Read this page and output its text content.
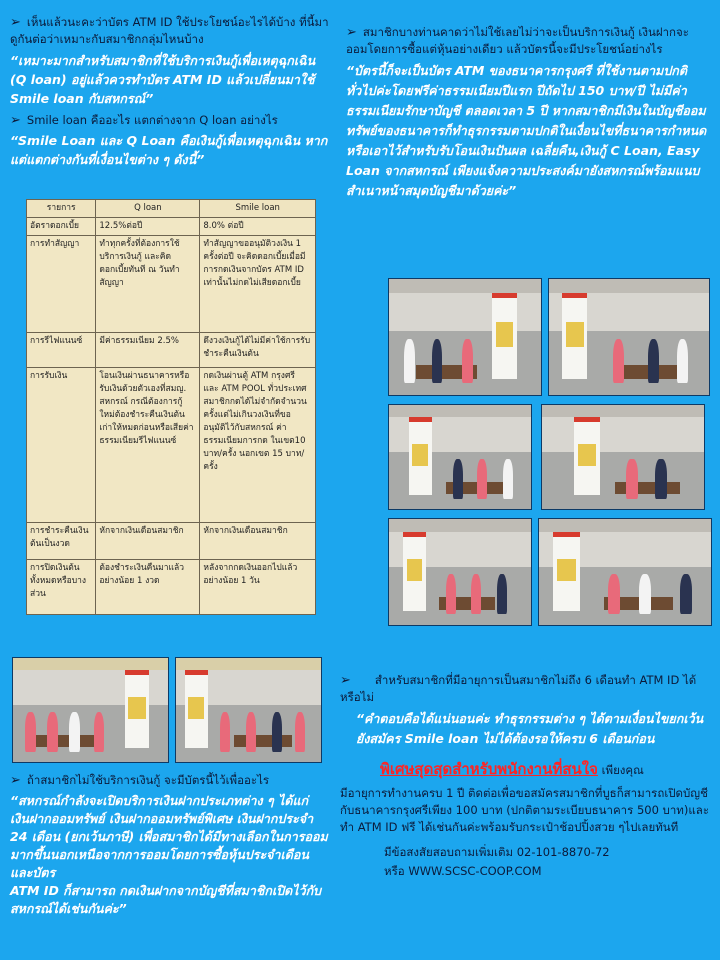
➢ เห็นแล้วนะคะว่าบัตร ATM ID ใช้ประโยชน์อะไรได้บ้าง ที่นี้มาดูกันต่อว่าเหมาะกับสมาชิกกลุ่มไหนบ้าง
“เหมาะมากสำหรับสมาชิกที่ใช้บริการเงินกู้เพื่อเหตุฉุกเฉิน (Q loan) อยู่แล้วควรทำบัตร ATM ID แล้วเปลี่ยนมาใช้ Smile loan กับสหกรณ์”
➢ Smile loan คืออะไร แตกต่างจาก Q loan อย่างไร
“Smile Loan และ Q Loan คือเงินกู้เพื่อเหตุฉุกเฉิน หากแต่แตกต่างกันที่เงื่อนไขต่าง ๆ ดังนี้”
รายการ	Q loan	Smile loan
อัตราดอกเบี้ย	12.5%ต่อปี	8.0% ต่อปี
การทำสัญญา	ทำทุกครั้งที่ต้องการใช้บริการเงินกู้ และคิดดอกเบี้ยทันที ณ วันทำสัญญา	ทำสัญญาขออนุมัติวงเงิน 1 ครั้งต่อปี จะคิดดอกเบี้ยเมื่อมีการกดเงินจากบัตร ATM ID เท่านั้นไม่กดไม่เสียดอกเบี้ย
การรีไฟแนนซ์	มีค่าธรรมเนียม 2.5%	ดึงวงเงินกู้ได้ไม่มีค่าใช้การรับชำระคืนเงินต้น
การรับเงิน	โอนเงินผ่านธนาคารหรือรับเงินด้วยตัวเองที่สมญ. สหกรณ์ กรณีต้องการกู้ใหม่ต้องชำระคืนเงินต้นเก่าให้หมดก่อนหรือเสียค่าธรรมเนียมรีไฟแนนซ์	กดเงินผ่านตู้ ATM กรุงศรี และ ATM POOL ทั่วประเทศ สมาชิกกดได้ไม่จำกัดจำนวนครั้งแต่ไม่เกินวงเงินที่ขออนุมัติไว้กับสหกรณ์ ค่าธรรมเนียมการกด ในเขต10 บาท/ครั้ง นอกเขต 15 บาท/ครั้ง
การชำระคืนเงินต้นเป็นงวด	หักจากเงินเดือนสมาชิก	หักจากเงินเดือนสมาชิก
การปิดเงินต้นทั้งหมดหรือบางส่วน	ต้องชำระเงินคืนมาแล้วอย่างน้อย 1 งวด	หลังจากกดเงินออกไปแล้วอย่างน้อย 1 วัน
➢ สมาชิกบางท่านคาดว่าไม่ใช้เลยไม่ว่าจะเป็นบริการเงินกู้ เงินฝากจะออมโดยการซื้อแต่หุ้นอย่างเดียว แล้วบัตรนี้จะมีประโยชน์อย่างไร
“บัตรนี้ก็จะเป็นบัตร ATM ของธนาคารกรุงศรี ที่ใช้งานตามปกติทั่วไปค่ะโดยฟรีค่าธรรมเนียมปีแรก ปีถัดไป 150 บาท/ปี ไม่มีค่าธรรมเนียมรักษาบัญชี ตลอดเวลา 5 ปี หากสมาชิกมีเงินในบัญชีออมทรัพย์ของธนาคารก็ทำธุรกรรมตามปกติในเงื่อนไขที่ธนาคารกำหนด หรือเอาไว้สำหรับรับโอนเงินปันผล เฉลี่ยคืน,เงินกู้ C Loan, Easy Loan จากสหกรณ์ เพียงแจ้งความประสงค์มายังสหกรณ์พร้อมแนบสำเนาหน้าสมุดบัญชีมาด้วยค่ะ”
➢ ถ้าสมาชิกไม่ใช้บริการเงินกู้ จะมีบัตรนี้ไว้เพื่ออะไร
“สหกรณ์กำลังจะเปิดบริการเงินฝากประเภทต่าง ๆ ได้แก่ เงินฝากออมทรัพย์ เงินฝากออมทรัพย์พิเศษ เงินฝากประจำ 24 เดือน (ยกเว้นภาษี) เพื่อสมาชิกได้มีทางเลือกในการออมมากขึ้นนอกเหนือจากการออมโดยการซื้อหุ้นประจำเดือน และบัตร
ATM ID ก็สามารถ กดเงินฝากจากบัญชีที่สมาชิกเปิดไว้กับสหกรณ์ได้เช่นกันค่ะ”
➢ สำหรับสมาชิกที่มีอายุการเป็นสมาชิกไม่ถึง 6 เดือนทำ ATM ID ได้หรือไม่
“คำตอบคือได้แน่นอนค่ะ ทำธุรกรรมต่าง ๆ ได้ตามเงื่อนไขยกเว้นยังสมัคร Smile loan ไม่ได้ต้องรอให้ครบ 6 เดือนก่อน
พิเศษสุดสุดสำหรับพนักงานที่สนใจ เพียงคุณ
มีอายุการทำงานครบ 1 ปี ติดต่อเพื่อขอสมัครสมาชิกที่บูธก็สามารถเปิดบัญชีกับธนาคารกรุงศรีเพียง 100 บาท (ปกติตามระเบียบธนาคาร 500 บาท)และทำ ATM ID ฟรี ได้เช่นกันค่ะพร้อมรับกระเป๋าช้อปปิ้งสวย ๆไปเลยทันที
มีข้อสงสัยสอบถามเพิ่มเติม 02-101-8870-72
หรือ WWW.SCSC-COOP.COM
